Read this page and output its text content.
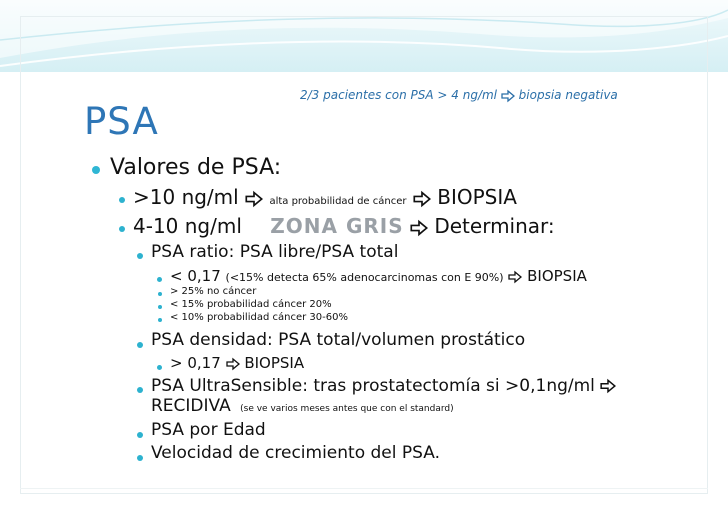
2/3 pacientes con PSA > 4 ng/ml biopsia negativa
PSA
Valores de PSA:
>10 ng/ml	alta probabilidad de cáncer BIOPSIA
4-10 ng/ml ZONA GRIS Determinar:
PSA ratio: PSA libre/PSA total
< 0,17 (<15% detecta 65% adenocarcinomas con E 90%) BIOPSIA
> 25% no cáncer
< 15% probabilidad cáncer 20%
< 10% probabilidad cáncer 30-60%
PSA densidad: PSA total/volumen prostático
> 0,17 BIOPSIA
PSA UltraSensible: tras prostatectomía si >0,1ng/ml
RECIDIVA (se ve varios meses antes que con el standard)
PSA por Edad
Velocidad de crecimiento del PSA.
